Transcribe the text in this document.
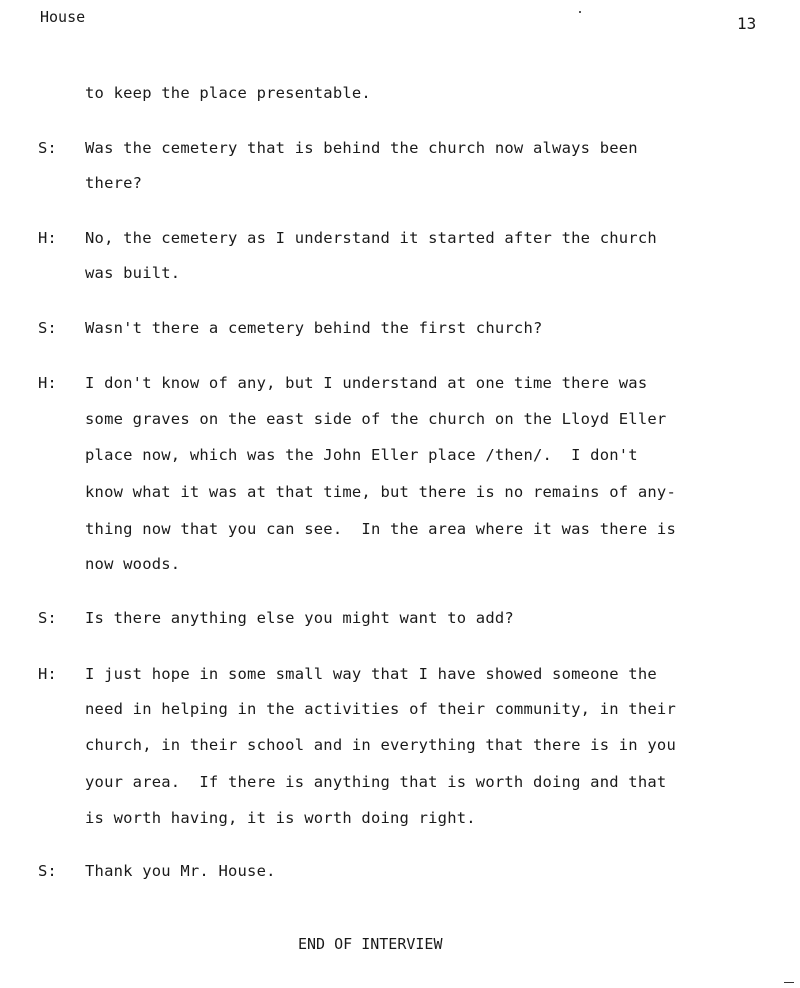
House	13
to keep the place presentable.
S: Was the cemetery that is behind the church now always been
there?
H: No, the cemetery as I understand it started after the church
was built.
S: Wasn't there a cemetery behind the first church?
H: I don't know of any, but I understand at one time there was
some graves on the east side of the church on the Lloyd Eller
place now, which was the John Eller place /then/.  I don't
know what it was at that time, but there is no remains of any-
thing now that you can see.  In the area where it was there is
now woods.
S: Is there anything else you might want to add?
H: I just hope in some small way that I have showed someone the
need in helping in the activities of their community, in their
church, in their school and in everything that there is in you
your area.  If there is anything that is worth doing and that
is worth having, it is worth doing right.
S: Thank you Mr. House.
END OF INTERVIEW
